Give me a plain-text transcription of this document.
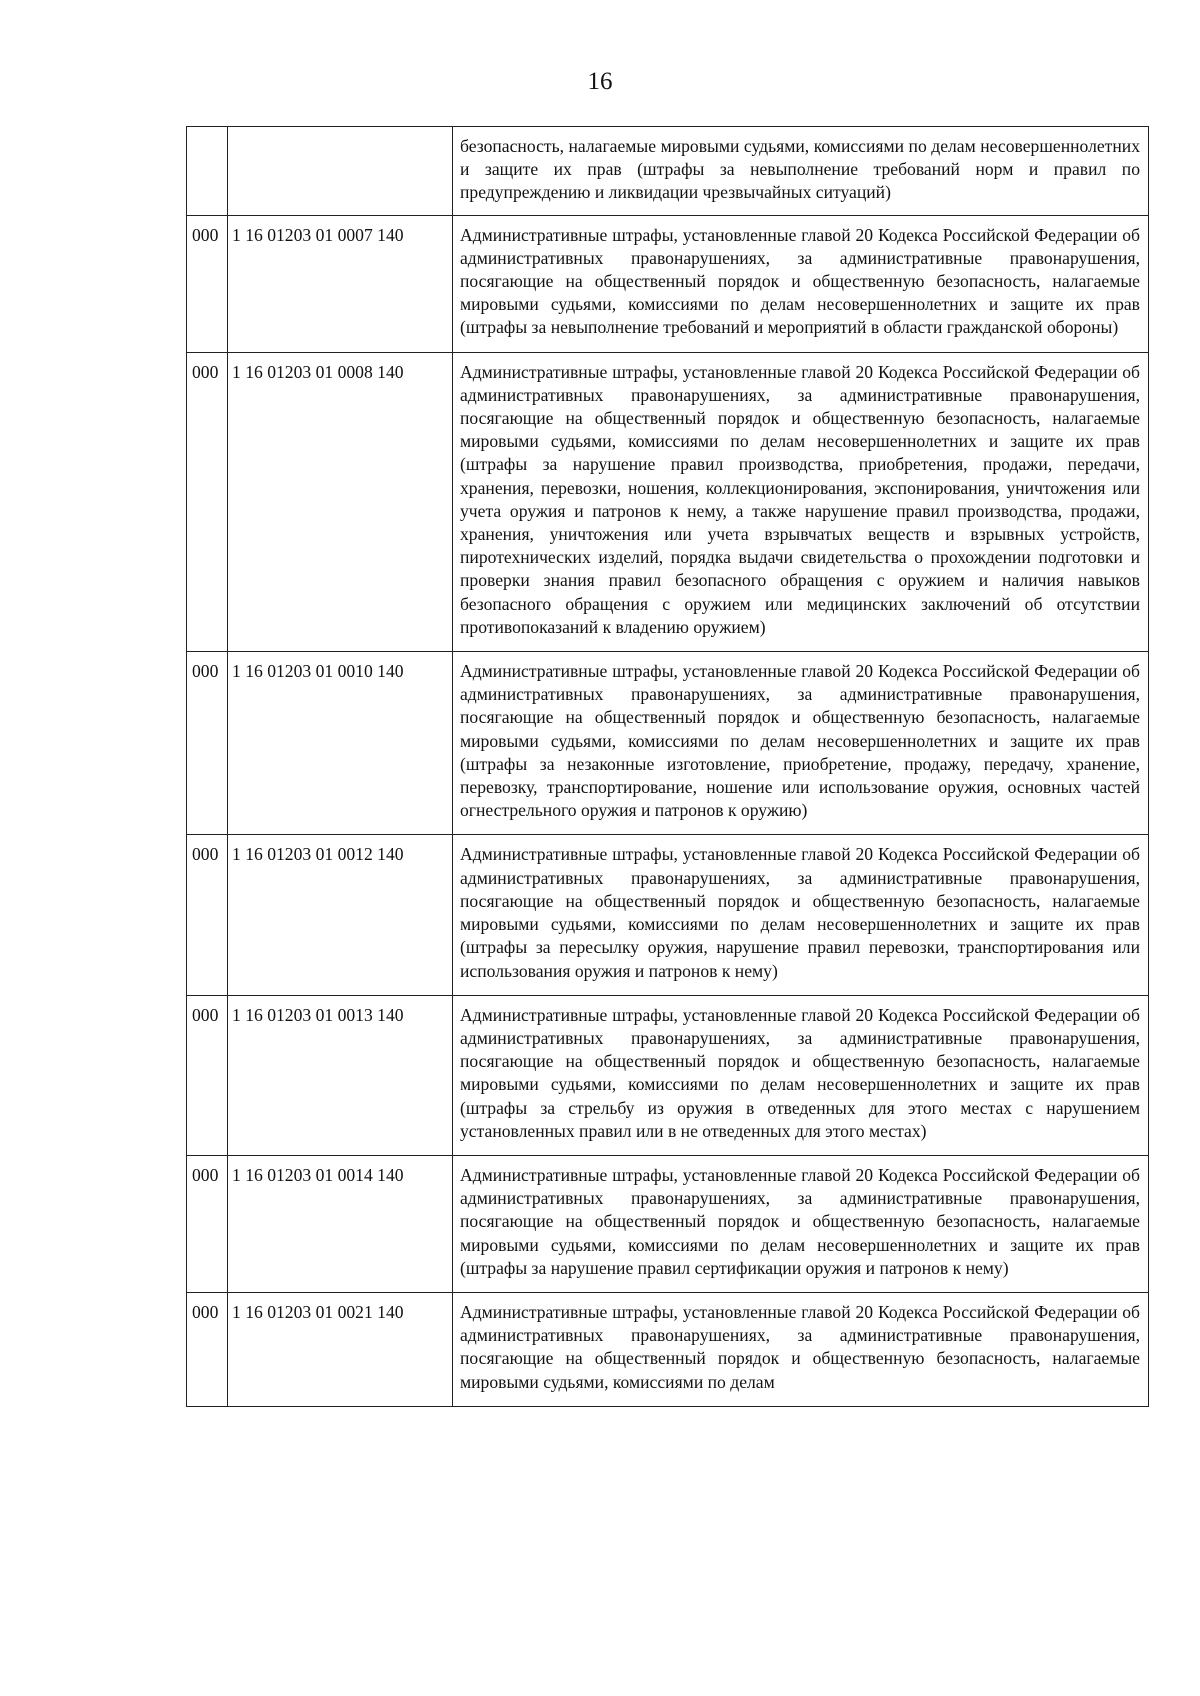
16
		безопасность, налагаемые мировыми судьями, комиссиями по делам несовершеннолетних и защите их прав (штрафы за невыполнение требований норм и правил по предупреждению и ликвидации чрезвычайных ситуаций)
000	1 16 01203 01 0007 140	Административные штрафы, установленные главой 20 Кодекса Российской Федерации об административных правонарушениях, за административные правонарушения, посягающие на общественный порядок и общественную безопасность, налагаемые мировыми судьями, комиссиями по делам несовершеннолетних и защите их прав (штрафы за невыполнение требований и мероприятий в области гражданской обороны)
000	1 16 01203 01 0008 140	Административные штрафы, установленные главой 20 Кодекса Российской Федерации об административных правонарушениях, за административные правонарушения, посягающие на общественный порядок и общественную безопасность, налагаемые мировыми судьями, комиссиями по делам несовершеннолетних и защите их прав (штрафы за нарушение правил производства, приобретения, продажи, передачи, хранения, перевозки, ношения, коллекционирования, экспонирования, уничтожения или учета оружия и патронов к нему, а также нарушение правил производства, продажи, хранения, уничтожения или учета взрывчатых веществ и взрывных устройств, пиротехнических изделий, порядка выдачи свидетельства о прохождении подготовки и проверки знания правил безопасного обращения с оружием и наличия навыков безопасного обращения с оружием или медицинских заключений об отсутствии противопоказаний к владению оружием)
000	1 16 01203 01 0010 140	Административные штрафы, установленные главой 20 Кодекса Российской Федерации об административных правонарушениях, за административные правонарушения, посягающие на общественный порядок и общественную безопасность, налагаемые мировыми судьями, комиссиями по делам несовершеннолетних и защите их прав (штрафы за незаконные изготовление, приобретение, продажу, передачу, хранение, перевозку, транспортирование, ношение или использование оружия, основных частей огнестрельного оружия и патронов к оружию)
000	1 16 01203 01 0012 140	Административные штрафы, установленные главой 20 Кодекса Российской Федерации об административных правонарушениях, за административные правонарушения, посягающие на общественный порядок и общественную безопасность, налагаемые мировыми судьями, комиссиями по делам несовершеннолетних и защите их прав (штрафы за пересылку оружия, нарушение правил перевозки, транспортирования или использования оружия и патронов к нему)
000	1 16 01203 01 0013 140	Административные штрафы, установленные главой 20 Кодекса Российской Федерации об административных правонарушениях, за административные правонарушения, посягающие на общественный порядок и общественную безопасность, налагаемые мировыми судьями, комиссиями по делам несовершеннолетних и защите их прав (штрафы за стрельбу из оружия в отведенных для этого местах с нарушением установленных правил или в не отведенных для этого местах)
000	1 16 01203 01 0014 140	Административные штрафы, установленные главой 20 Кодекса Российской Федерации об административных правонарушениях, за административные правонарушения, посягающие на общественный порядок и общественную безопасность, налагаемые мировыми судьями, комиссиями по делам несовершеннолетних и защите их прав (штрафы за нарушение правил сертификации оружия и патронов к нему)
000	1 16 01203 01 0021 140	Административные штрафы, установленные главой 20 Кодекса Российской Федерации об административных правонарушениях, за административные правонарушения, посягающие на общественный порядок и общественную безопасность, налагаемые мировыми судьями, комиссиями по делам
